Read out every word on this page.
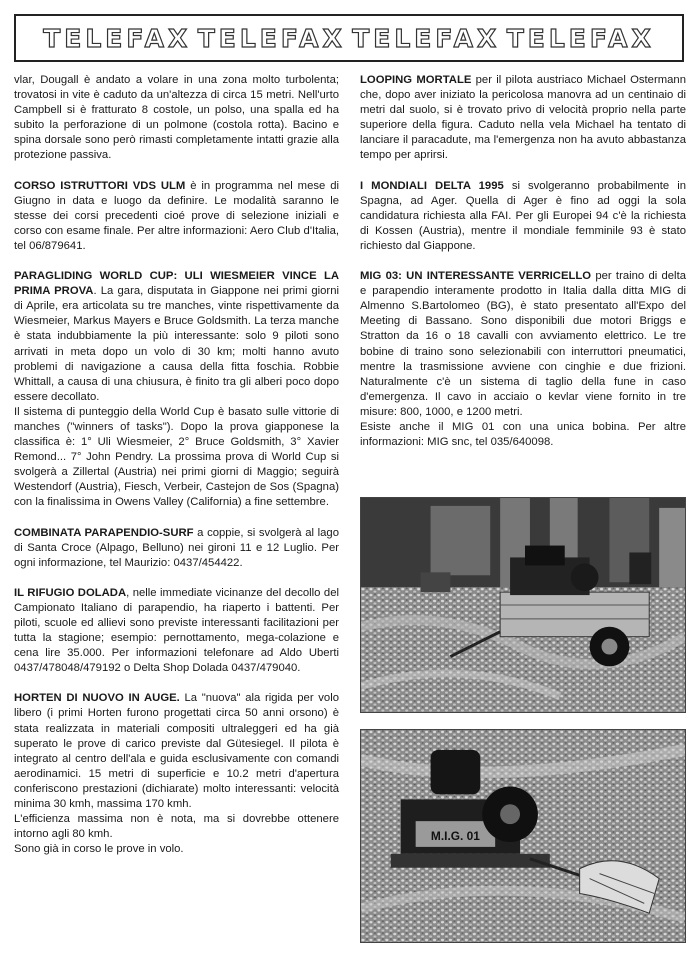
TELEFAX TELEFAX TELEFAX TELEFAX

vlar, Dougall è andato a volare in una zona molto turbolenta; trovatosi in vite è caduto da un'altezza di circa 15 metri. Nell'urto Campbell si è fratturato 8 costole, un polso, una spalla ed ha subito la perforazione di un polmone (costola rotta). Bacino e spina dorsale sono però rimasti completamente intatti grazie alla protezione passiva.

CORSO ISTRUTTORI VDS ULM è in programma nel mese di Giugno in data e luogo da definire. Le modalità saranno le stesse dei corsi precedenti cioé prove di selezione iniziali e corso con esame finale. Per altre informazioni: Aero Club d'Italia, tel 06/879641.

PARAGLIDING WORLD CUP: ULI WIESMEIER VINCE LA PRIMA PROVA. La gara, disputata in Giappone nei primi giorni di Aprile, era articolata su tre manches, vinte rispettivamente da Wiesmeier, Markus Mayers e Bruce Goldsmith. La terza manche è stata indubbiamente la più interessante: solo 9 piloti sono arrivati in meta dopo un volo di 30 km; molti hanno avuto problemi di navigazione a causa della fitta foschia. Robbie Whittall, a causa di una chiusura, è finito tra gli alberi poco dopo essere decollato.

Il sistema di punteggio della World Cup è basato sulle vittorie di manches ("winners of tasks"). Dopo la prova giapponese la classifica è: 1° Uli Wiesmeier, 2° Bruce Goldsmith, 3° Xavier Remond... 7° John Pendry. La prossima prova di World Cup si svolgerà a Zillertal (Austria) nei primi giorni di Maggio; seguirà Westendorf (Austria), Fiesch, Verbeir, Castejon de Sos (Spagna) con la finalissima in Owens Valley (California) a fine settembre.

COMBINATA PARAPENDIO-SURF a coppie, si svolgerà al lago di Santa Croce (Alpago, Belluno) nei gironi 11 e 12 Luglio. Per ogni informazione, tel Maurizio: 0437/454422.

IL RIFUGIO DOLADA, nelle immediate vicinanze del decollo del Campionato Italiano di parapendio, ha riaperto i battenti. Per piloti, scuole ed allievi sono previste interessanti facilitazioni per tutta la stagione; esempio: pernottamento, mega-colazione e cena lire 35.000. Per informazioni telefonare ad Aldo Uberti 0437/478048/479192 o Delta Shop Dolada 0437/479040.

HORTEN DI NUOVO IN AUGE. La "nuova" ala rigida per volo libero (i primi Horten furono progettati circa 50 anni orsono) è stata realizzata in materiali compositi ultraleggeri ed ha già superato le prove di carico previste dal Gütesiegel. Il pilota è integrato al centro dell'ala e guida esclusivamente con comandi aerodinamici. 15 metri di superficie e 10.2 metri d'apertura conferiscono prestazioni (dichiarate) molto interessanti: velocità minima 30 kmh, massima 170 kmh.

L'efficienza massima non è nota, ma si dovrebbe ottenere intorno agli 80 kmh.

Sono già in corso le prove in volo.

LOOPING MORTALE per il pilota austriaco Michael Ostermann che, dopo aver iniziato la pericolosa manovra ad un centinaio di metri dal suolo, si è trovato privo di velocità proprio nella parte superiore della figura. Caduto nella vela Michael ha tentato di lanciare il paracadute, ma l'emergenza non ha avuto abbastanza tempo per aprirsi.

I MONDIALI DELTA 1995 si svolgeranno probabilmente in Spagna, ad Ager. Quella di Ager è fino ad oggi la sola candidatura richiesta alla FAI. Per gli Europei 94 c'è la richiesta di Kossen (Austria), mentre il mondiale femminile 93 è stato richiesto dal Giappone.

MIG 03: UN INTERESSANTE VERRICELLO per traino di delta e parapendio interamente prodotto in Italia dalla ditta MIG di Almenno S.Bartolomeo (BG), è stato presentato all'Expo del Meeting di Bassano. Sono disponibili due motori Briggs e Stratton da 16 o 18 cavalli con avviamento elettrico. Le tre bobine di traino sono selezionabili con interruttori pneumatici, mentre la trasmissione avviene con cinghie e due frizioni. Naturalmente c'è un sistema di taglio della fune in caso d'emergenza. Il cavo in acciaio o kevlar viene fornito in tre misure: 800, 1000, e 1200 metri.

Esiste anche il MIG 01 con una unica bobina. Per altre informazioni: MIG snc, tel 035/640098.

M.I.G. 01
